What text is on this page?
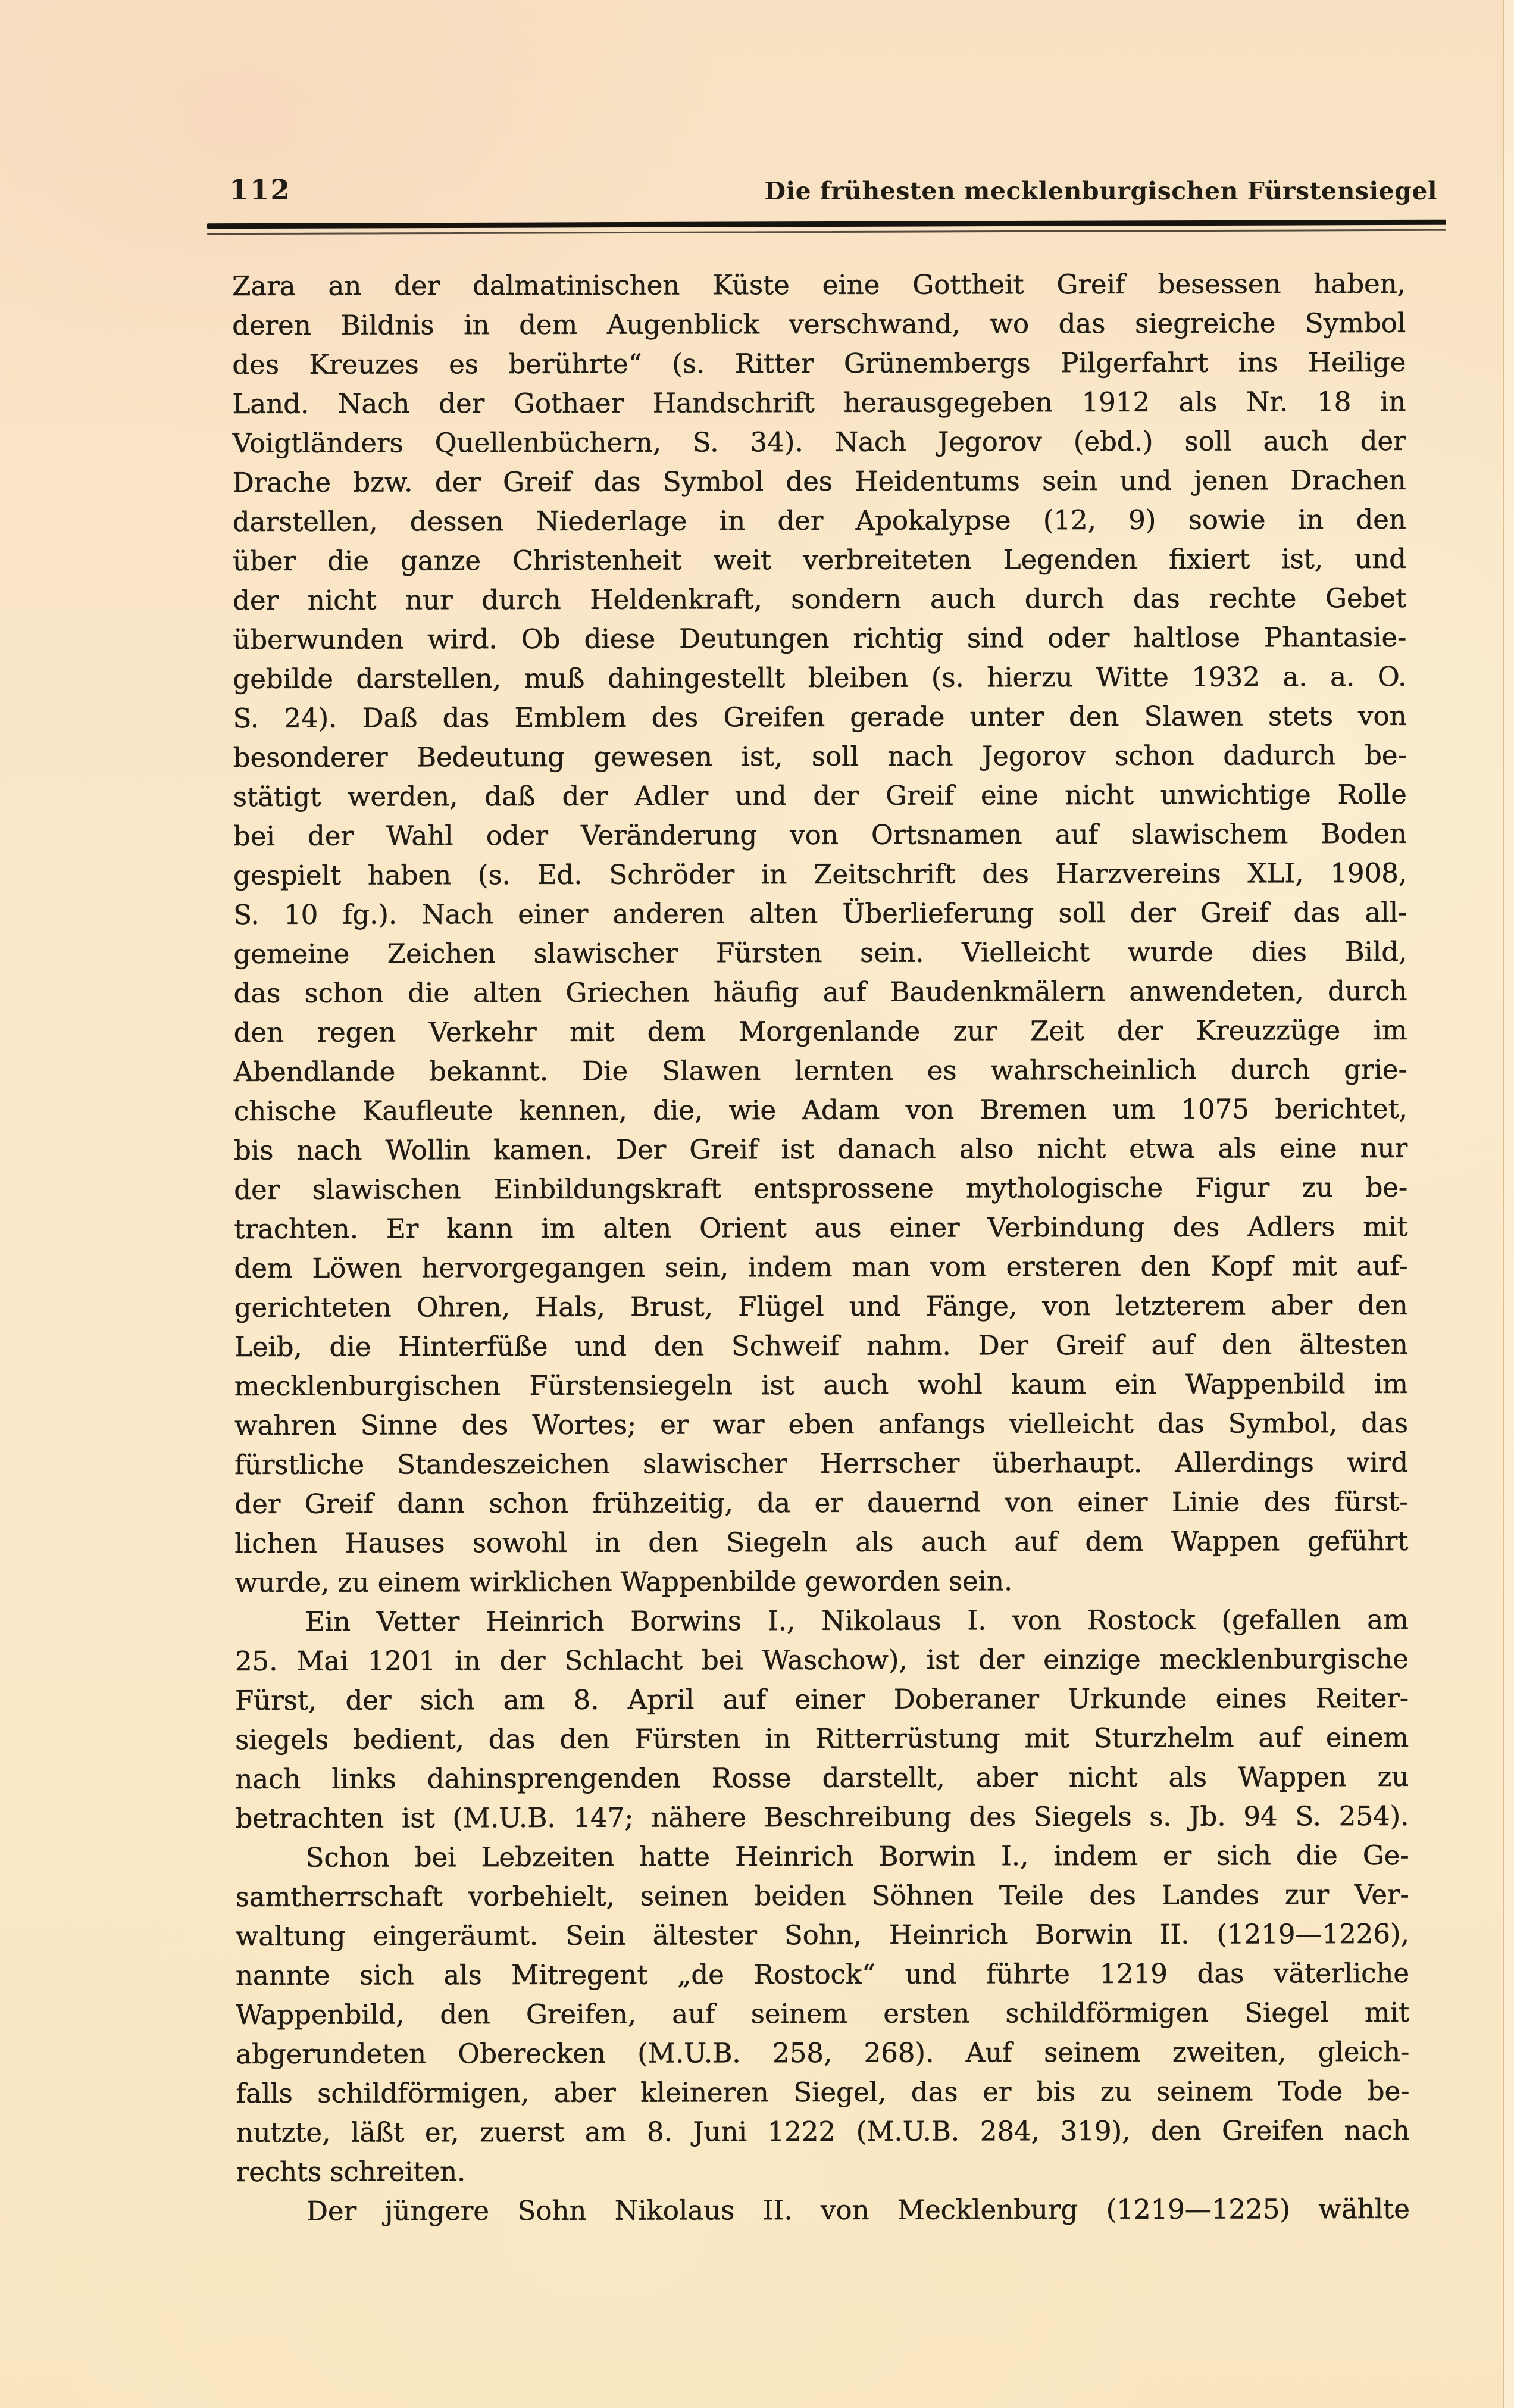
112	Die frühesten mecklenburgischen Fürstensiegel
Zara an der dalmatinischen Küste eine Gottheit Greif besessen haben,
deren Bildnis in dem Augenblick verschwand, wo das siegreiche Symbol
des Kreuzes es berührte“ (s. Ritter Grünembergs Pilgerfahrt ins Heilige
Land. Nach der Gothaer Handschrift herausgegeben 1912 als Nr. 18 in
Voigtländers Quellenbüchern, S. 34). Nach Jegorov (ebd.) soll auch der
Drache bzw. der Greif das Symbol des Heidentums sein und jenen Drachen
darstellen, dessen Niederlage in der Apokalypse (12, 9) sowie in den
über die ganze Christenheit weit verbreiteten Legenden fixiert ist, und
der nicht nur durch Heldenkraft, sondern auch durch das rechte Gebet
überwunden wird. Ob diese Deutungen richtig sind oder haltlose Phantasie-
gebilde darstellen, muß dahingestellt bleiben (s. hierzu Witte 1932 a. a. O.
S. 24). Daß das Emblem des Greifen gerade unter den Slawen stets von
besonderer Bedeutung gewesen ist, soll nach Jegorov schon dadurch be-
stätigt werden, daß der Adler und der Greif eine nicht unwichtige Rolle
bei der Wahl oder Veränderung von Ortsnamen auf slawischem Boden
gespielt haben (s. Ed. Schröder in Zeitschrift des Harzvereins XLI, 1908,
S. 10 fg.). Nach einer anderen alten Überlieferung soll der Greif das all-
gemeine Zeichen slawischer Fürsten sein. Vielleicht wurde dies Bild,
das schon die alten Griechen häufig auf Baudenkmälern anwendeten, durch
den regen Verkehr mit dem Morgenlande zur Zeit der Kreuzzüge im
Abendlande bekannt. Die Slawen lernten es wahrscheinlich durch grie-
chische Kaufleute kennen, die, wie Adam von Bremen um 1075 berichtet,
bis nach Wollin kamen. Der Greif ist danach also nicht etwa als eine nur
der slawischen Einbildungskraft entsprossene mythologische Figur zu be-
trachten. Er kann im alten Orient aus einer Verbindung des Adlers mit
dem Löwen hervorgegangen sein, indem man vom ersteren den Kopf mit auf-
gerichteten Ohren, Hals, Brust, Flügel und Fänge, von letzterem aber den
Leib, die Hinterfüße und den Schweif nahm. Der Greif auf den ältesten
mecklenburgischen Fürstensiegeln ist auch wohl kaum ein Wappenbild im
wahren Sinne des Wortes; er war eben anfangs vielleicht das Symbol, das
fürstliche Standeszeichen slawischer Herrscher überhaupt. Allerdings wird
der Greif dann schon frühzeitig, da er dauernd von einer Linie des fürst-
lichen Hauses sowohl in den Siegeln als auch auf dem Wappen geführt
wurde, zu einem wirklichen Wappenbilde geworden sein.
Ein Vetter Heinrich Borwins I., Nikolaus I. von Rostock (gefallen am
25. Mai 1201 in der Schlacht bei Waschow), ist der einzige mecklenburgische
Fürst, der sich am 8. April auf einer Doberaner Urkunde eines Reiter-
siegels bedient, das den Fürsten in Ritterrüstung mit Sturzhelm auf einem
nach links dahinsprengenden Rosse darstellt, aber nicht als Wappen zu
betrachten ist (M.U.B. 147; nähere Beschreibung des Siegels s. Jb. 94 S. 254).
Schon bei Lebzeiten hatte Heinrich Borwin I., indem er sich die Ge-
samtherrschaft vorbehielt, seinen beiden Söhnen Teile des Landes zur Ver-
waltung eingeräumt. Sein ältester Sohn, Heinrich Borwin II. (1219—1226),
nannte sich als Mitregent „de Rostock“ und führte 1219 das väterliche
Wappenbild, den Greifen, auf seinem ersten schildförmigen Siegel mit
abgerundeten Oberecken (M.U.B. 258, 268). Auf seinem zweiten, gleich-
falls schildförmigen, aber kleineren Siegel, das er bis zu seinem Tode be-
nutzte, läßt er, zuerst am 8. Juni 1222 (M.U.B. 284, 319), den Greifen nach
rechts schreiten.
Der jüngere Sohn Nikolaus II. von Mecklenburg (1219—1225) wählte
